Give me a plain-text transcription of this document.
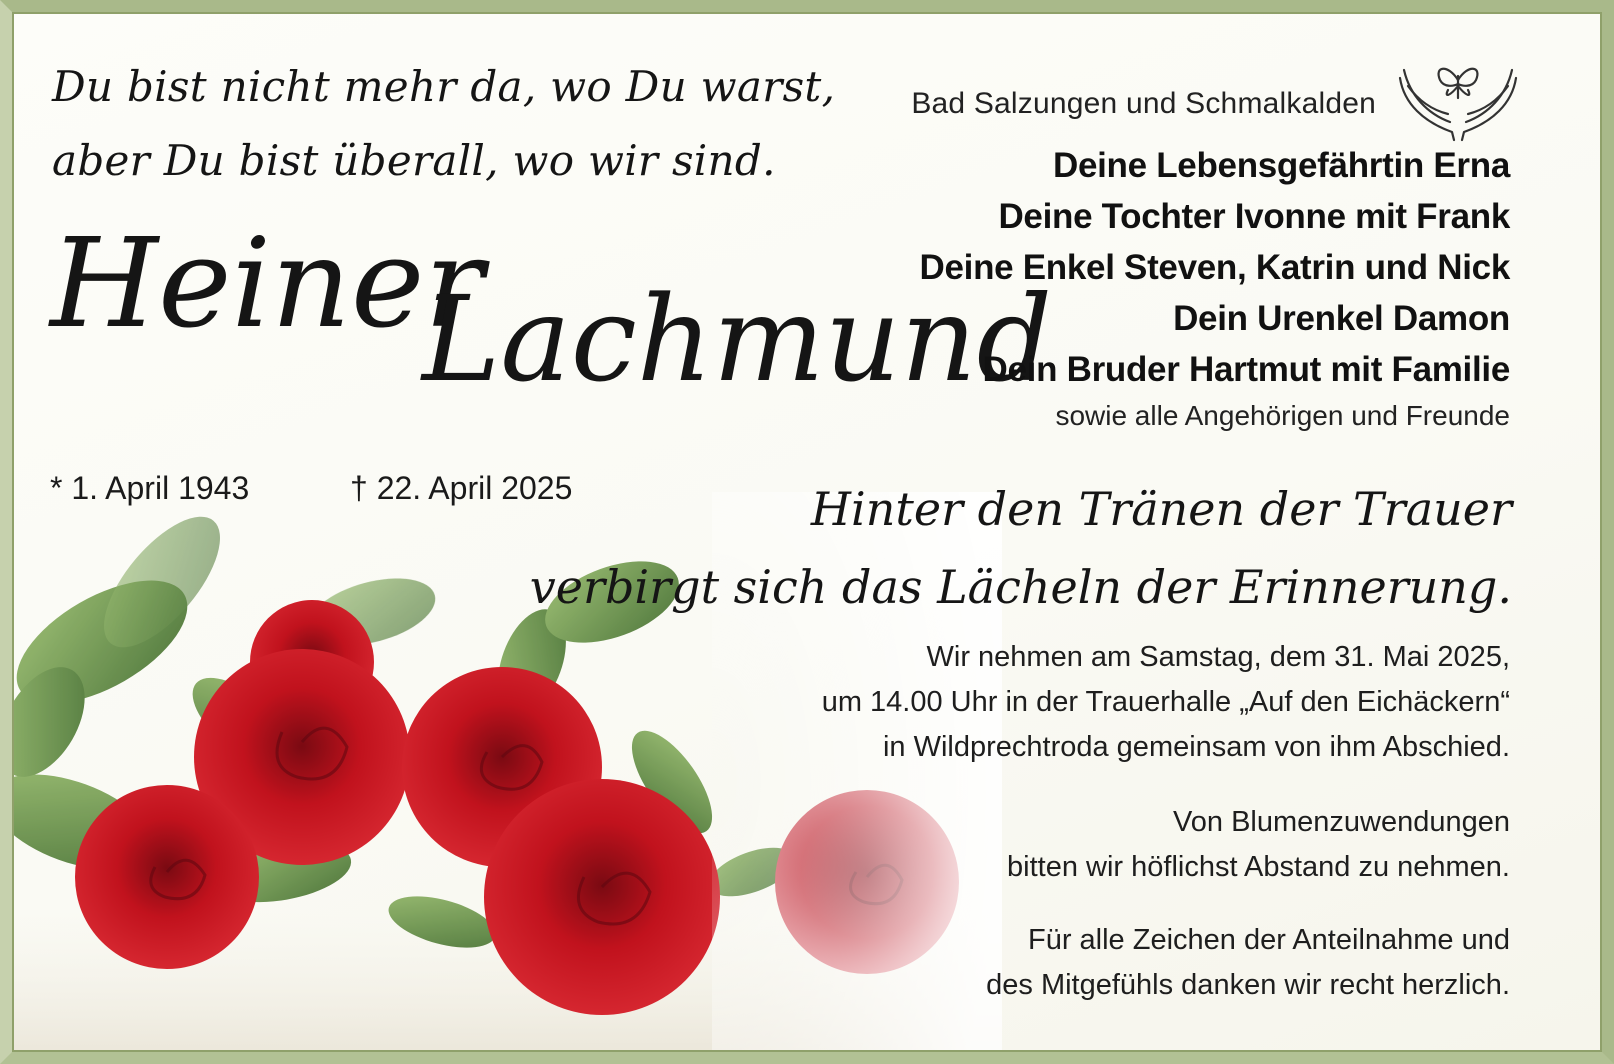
Du bist nicht mehr da, wo Du warst,
aber Du bist überall, wo wir sind.
Heiner
Lachmund
* 1. April 1943	† 22. April 2025
Bad Salzungen und Schmalkalden
Deine Lebensgefährtin Erna
Deine Tochter Ivonne mit Frank
Deine Enkel Steven, Katrin und Nick
Dein Urenkel Damon
Dein Bruder Hartmut mit Familie
sowie alle Angehörigen und Freunde
Hinter den Tränen der Trauer
verbirgt sich das Lächeln der Erinnerung.
Wir nehmen am Samstag, dem 31. Mai 2025,
um 14.00 Uhr in der Trauerhalle „Auf den Eichäckern“
in Wildprechtroda gemeinsam von ihm Abschied.
Von Blumenzuwendungen
bitten wir höflichst Abstand zu nehmen.
Für alle Zeichen der Anteilnahme und
des Mitgefühls danken wir recht herzlich.
